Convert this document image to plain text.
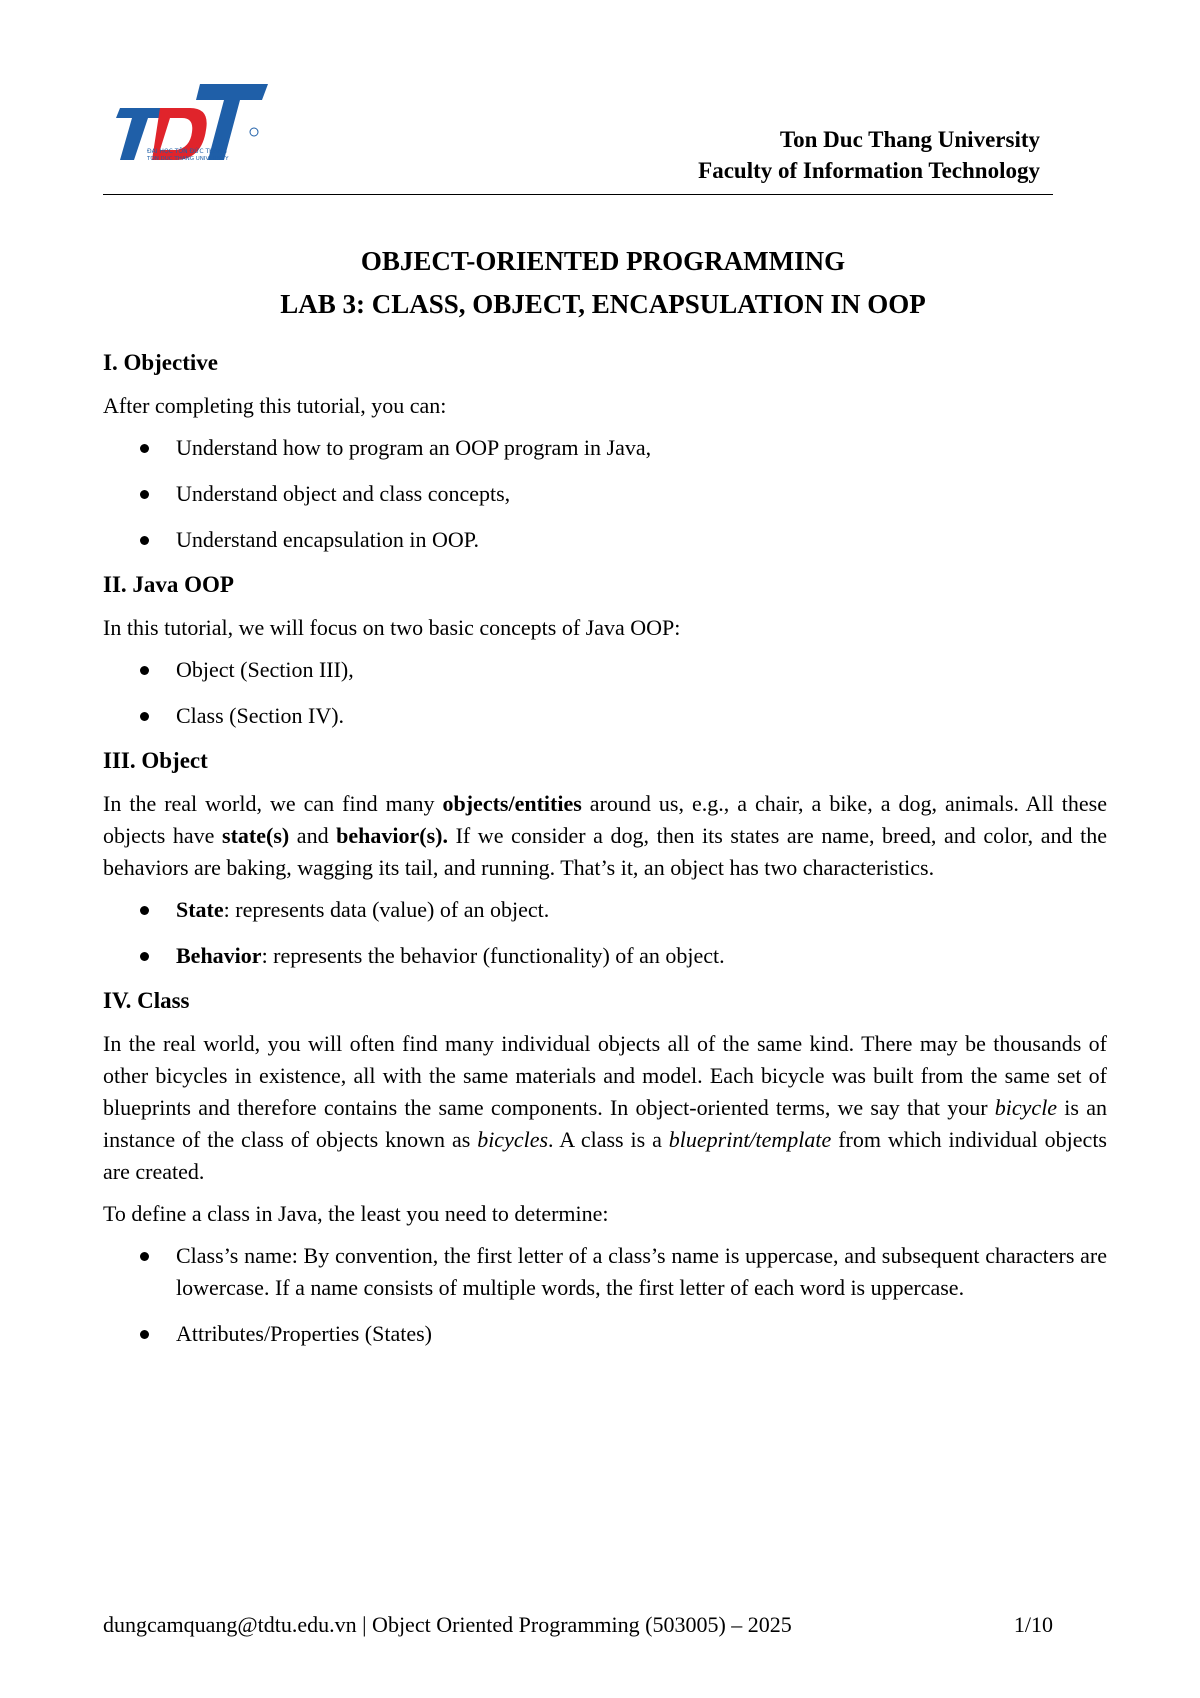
ĐẠI HỌC TÔN ĐỨC THẮNG
TON DUC THANG UNIVERSITY
Ton Duc Thang University
Faculty of Information Technology
OBJECT-ORIENTED PROGRAMMING
LAB 3: CLASS, OBJECT, ENCAPSULATION IN OOP
I. Objective

After completing this tutorial, you can:

Understand how to program an OOP program in Java,
Understand object and class concepts,
Understand encapsulation in OOP.
II. Java OOP

In this tutorial, we will focus on two basic concepts of Java OOP:

Object (Section III),
Class (Section IV).
III. Object

In the real world, we can find many objects/entities around us, e.g., a chair, a bike, a dog, animals. All these objects have state(s) and behavior(s). If we consider a dog, then its states are name, breed, and color, and the behaviors are baking, wagging its tail, and running. That’s it, an object has two characteristics.

State: represents data (value) of an object.
Behavior: represents the behavior (functionality) of an object.
IV. Class

In the real world, you will often find many individual objects all of the same kind. There may be thousands of other bicycles in existence, all with the same materials and model. Each bicycle was built from the same set of blueprints and therefore contains the same components. In object-oriented terms, we say that your bicycle is an instance of the class of objects known as bicycles. A class is a blueprint/template from which individual objects are created.

To define a class in Java, the least you need to determine:

Class’s name: By convention, the first letter of a class’s name is uppercase, and subsequent characters are lowercase. If a name consists of multiple words, the first letter of each word is uppercase.
Attributes/Properties (States)
dungcamquang@tdtu.edu.vn | Object Oriented Programming (503005) – 2025	1/10
